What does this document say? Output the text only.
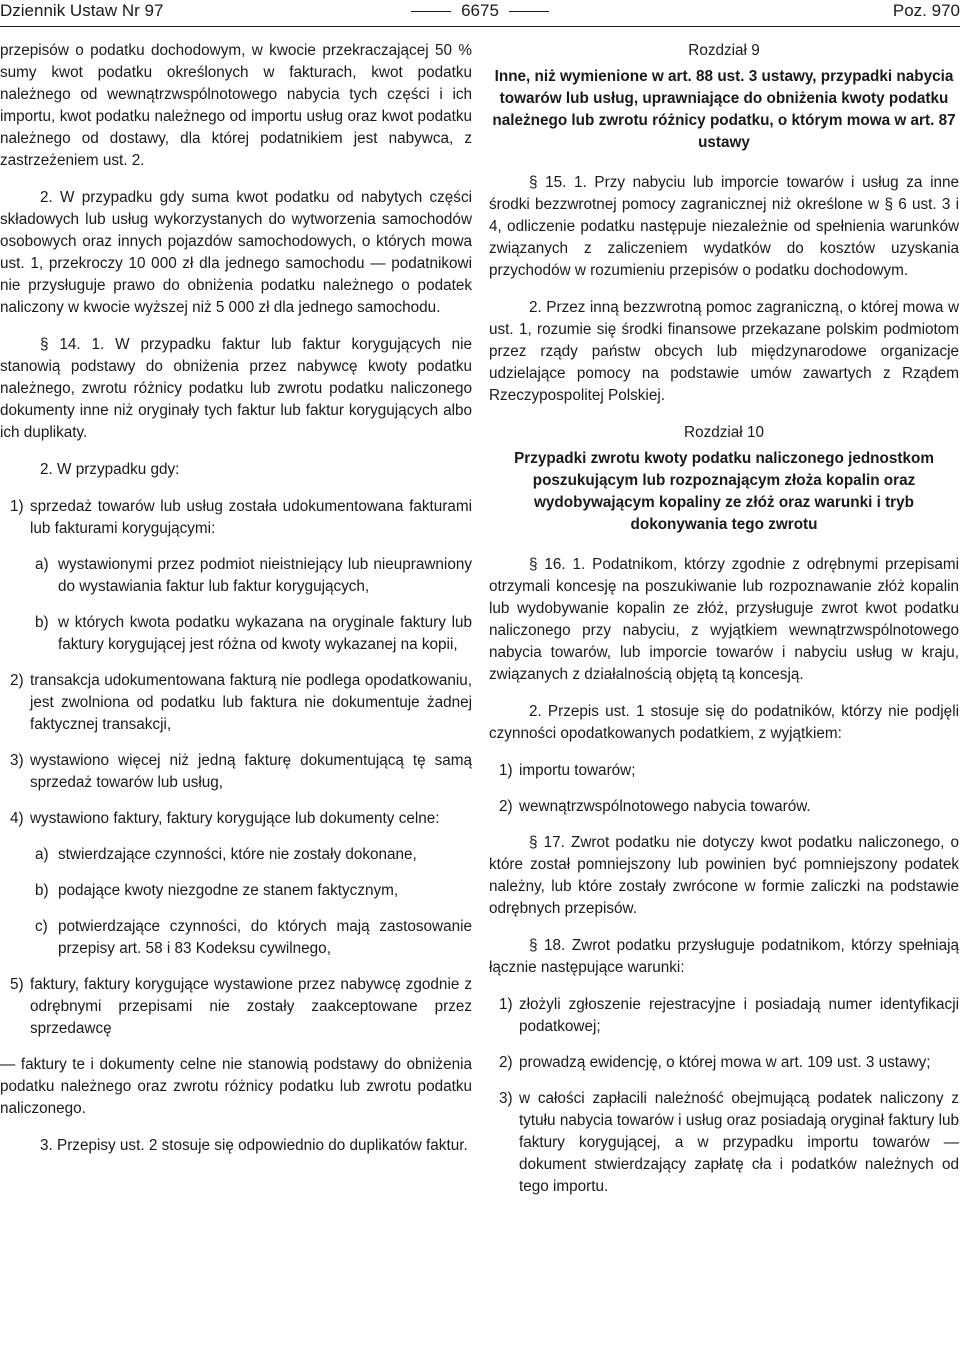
Dziennik Ustaw Nr 97	6675	Poz. 970

przepisów o podatku dochodowym, w kwocie przekraczającej 50 % sumy kwot podatku określonych w fakturach, kwot podatku należnego od wewnątrzwspólnotowego nabycia tych części i ich importu, kwot podatku należnego od importu usług oraz kwot podatku należnego od dostawy, dla której podatnikiem jest nabywca, z zastrzeżeniem ust. 2.

2. W przypadku gdy suma kwot podatku od nabytych części składowych lub usług wykorzystanych do wytworzenia samochodów osobowych oraz innych pojazdów samochodowych, o których mowa ust. 1, przekroczy 10 000 zł dla jednego samochodu — podatnikowi nie przysługuje prawo do obniżenia podatku należnego o podatek naliczony w kwocie wyższej niż 5 000 zł dla jednego samochodu.

§ 14. 1. W przypadku faktur lub faktur korygujących nie stanowią podstawy do obniżenia przez nabywcę kwoty podatku należnego, zwrotu różnicy podatku lub zwrotu podatku naliczonego dokumenty inne niż oryginały tych faktur lub faktur korygujących albo ich duplikaty.

2. W przypadku gdy:

1) sprzedaż towarów lub usług została udokumentowana fakturami lub fakturami korygującymi:
a) wystawionymi przez podmiot nieistniejący lub nieuprawniony do wystawiania faktur lub faktur korygujących,
b) w których kwota podatku wykazana na oryginale faktury lub faktury korygującej jest różna od kwoty wykazanej na kopii,
2) transakcja udokumentowana fakturą nie podlega opodatkowaniu, jest zwolniona od podatku lub faktura nie dokumentuje żadnej faktycznej transakcji,
3) wystawiono więcej niż jedną fakturę dokumentującą tę samą sprzedaż towarów lub usług,
4) wystawiono faktury, faktury korygujące lub dokumenty celne:
a) stwierdzające czynności, które nie zostały dokonane,
b) podające kwoty niezgodne ze stanem faktycznym,
c) potwierdzające czynności, do których mają zastosowanie przepisy art. 58 i 83 Kodeksu cywilnego,
5) faktury, faktury korygujące wystawione przez nabywcę zgodnie z odrębnymi przepisami nie zostały zaakceptowane przez sprzedawcę

— faktury te i dokumenty celne nie stanowią podstawy do obniżenia podatku należnego oraz zwrotu różnicy podatku lub zwrotu podatku naliczonego.

3. Przepisy ust. 2 stosuje się odpowiednio do duplikatów faktur.

Rozdział 9
Inne, niż wymienione w art. 88 ust. 3 ustawy, przypadki nabycia towarów lub usług, uprawniające do obniżenia kwoty podatku należnego lub zwrotu różnicy podatku, o którym mowa w art. 87 ustawy

§ 15. 1. Przy nabyciu lub imporcie towarów i usług za inne środki bezzwrotnej pomocy zagranicznej niż określone w § 6 ust. 3 i 4, odliczenie podatku następuje niezależnie od spełnienia warunków związanych z zaliczeniem wydatków do kosztów uzyskania przychodów w rozumieniu przepisów o podatku dochodowym.

2. Przez inną bezzwrotną pomoc zagraniczną, o której mowa w ust. 1, rozumie się środki finansowe przekazane polskim podmiotom przez rządy państw obcych lub międzynarodowe organizacje udzielające pomocy na podstawie umów zawartych z Rządem Rzeczypospolitej Polskiej.

Rozdział 10
Przypadki zwrotu kwoty podatku naliczonego jednostkom poszukującym lub rozpoznającym złoża kopalin oraz wydobywającym kopaliny ze złóż oraz warunki i tryb dokonywania tego zwrotu

§ 16. 1. Podatnikom, którzy zgodnie z odrębnymi przepisami otrzymali koncesję na poszukiwanie lub rozpoznawanie złóż kopalin lub wydobywanie kopalin ze złóż, przysługuje zwrot kwot podatku naliczonego przy nabyciu, z wyjątkiem wewnątrzwspólnotowego nabycia towarów, lub imporcie towarów i nabyciu usług w kraju, związanych z działalnością objętą tą koncesją.

2. Przepis ust. 1 stosuje się do podatników, którzy nie podjęli czynności opodatkowanych podatkiem, z wyjątkiem:

1) importu towarów;
2) wewnątrzwspólnotowego nabycia towarów.

§ 17. Zwrot podatku nie dotyczy kwot podatku naliczonego, o które został pomniejszony lub powinien być pomniejszony podatek należny, lub które zostały zwrócone w formie zaliczki na podstawie odrębnych przepisów.

§ 18. Zwrot podatku przysługuje podatnikom, którzy spełniają łącznie następujące warunki:

1) złożyli zgłoszenie rejestracyjne i posiadają numer identyfikacji podatkowej;
2) prowadzą ewidencję, o której mowa w art. 109 ust. 3 ustawy;
3) w całości zapłacili należność obejmującą podatek naliczony z tytułu nabycia towarów i usług oraz posiadają oryginał faktury lub faktury korygującej, a w przypadku importu towarów — dokument stwierdzający zapłatę cła i podatków należnych od tego importu.
